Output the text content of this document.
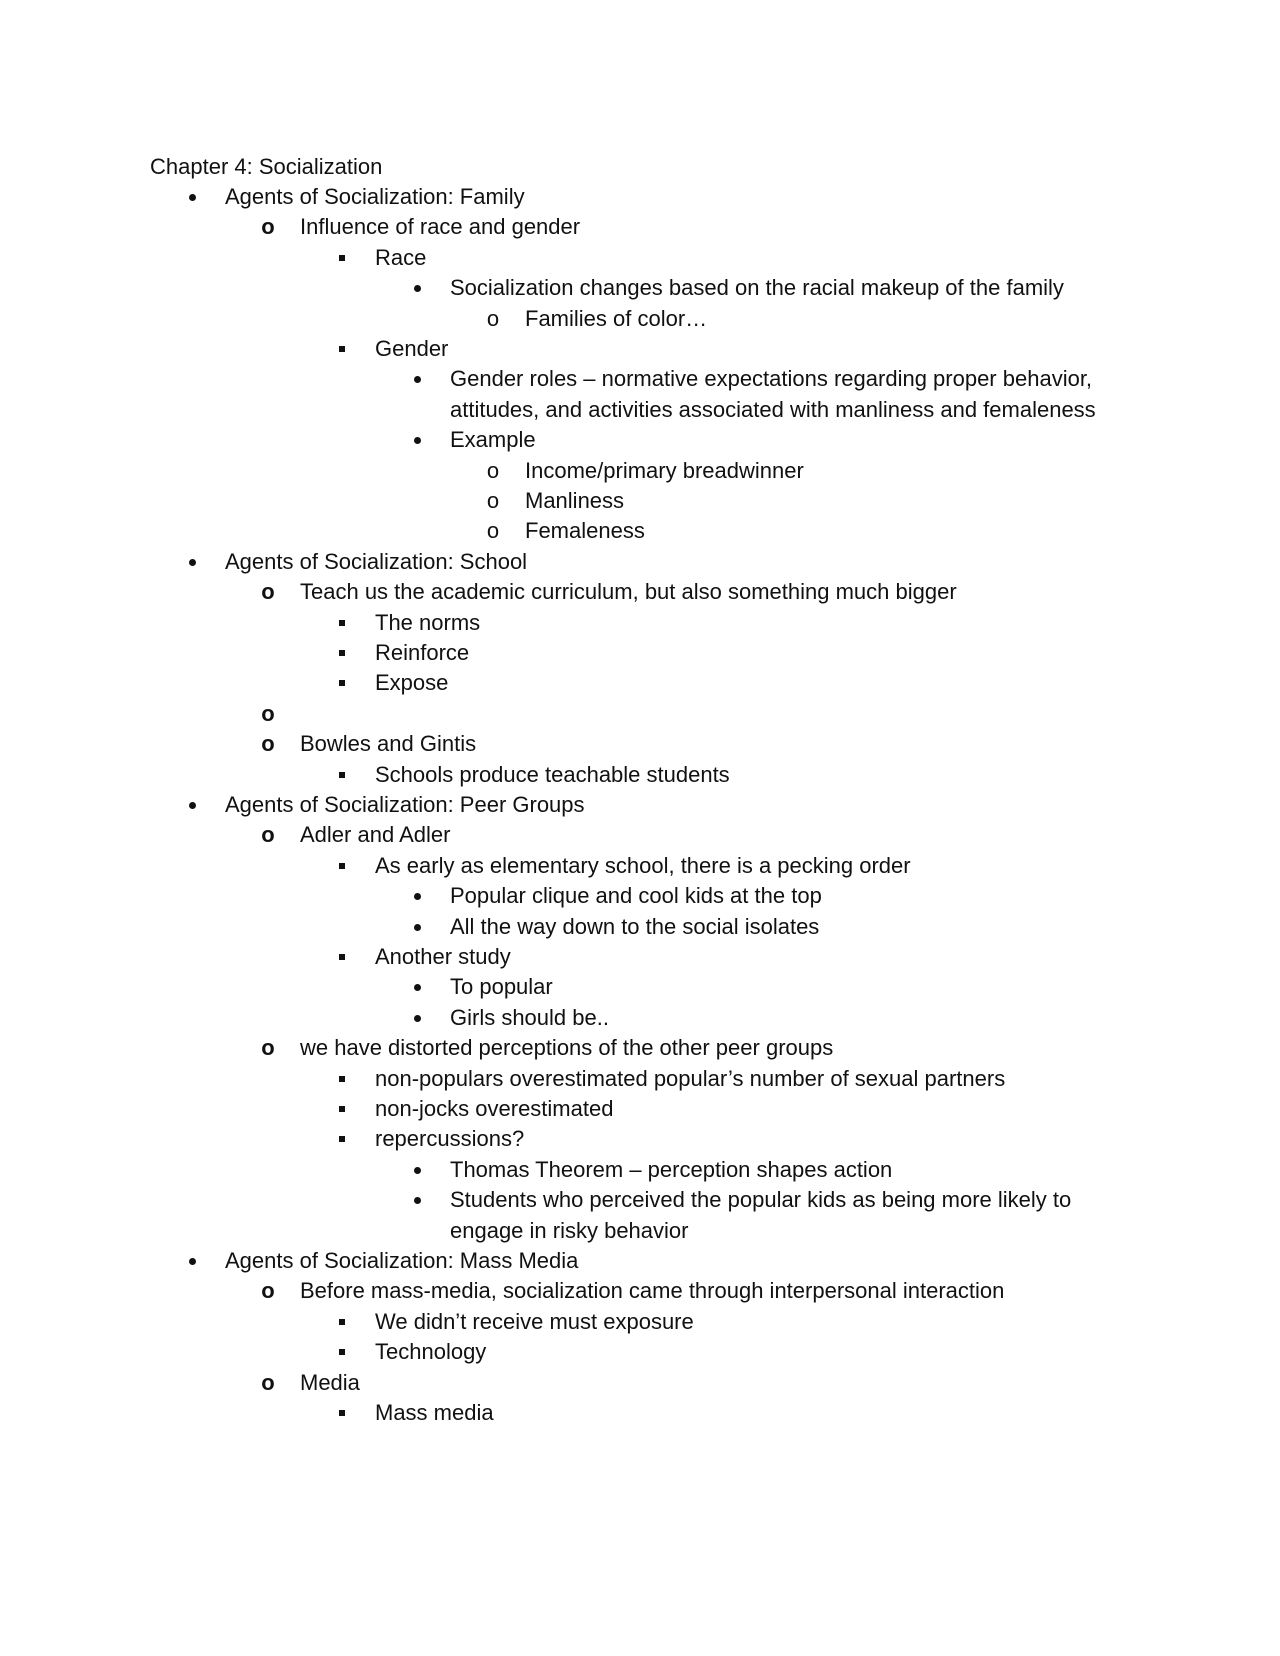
Chapter 4: Socialization
Agents of Socialization: Family
o Influence of race and gender
Race
Socialization changes based on the racial makeup of the family
o Families of color…
Gender
Gender roles – normative expectations regarding proper behavior,
attitudes, and activities associated with manliness and femaleness
Example
o Income/primary breadwinner
o Manliness
o Femaleness
Agents of Socialization: School
o Teach us the academic curriculum, but also something much bigger
The norms
Reinforce
Expose
o
o Bowles and Gintis
Schools produce teachable students
Agents of Socialization: Peer Groups
o Adler and Adler
As early as elementary school, there is a pecking order
Popular clique and cool kids at the top
All the way down to the social isolates
Another study
To popular
Girls should be..
o we have distorted perceptions of the other peer groups
non-populars overestimated popular’s number of sexual partners
non-jocks overestimated
repercussions?
Thomas Theorem – perception shapes action
Students who perceived the popular kids as being more likely to
engage in risky behavior
Agents of Socialization: Mass Media
o Before mass-media, socialization came through interpersonal interaction
We didn’t receive must exposure
Technology
o Media
Mass media
